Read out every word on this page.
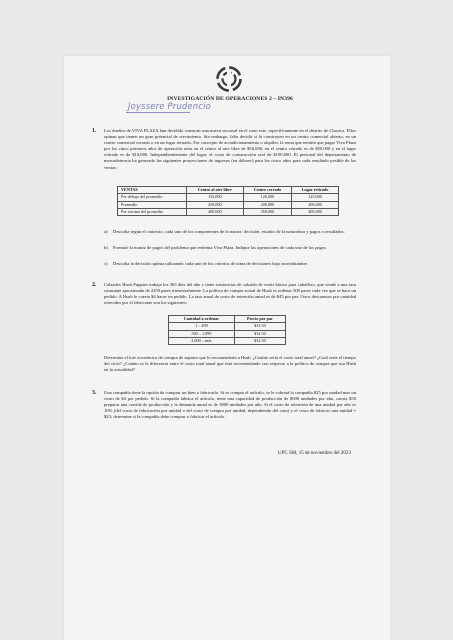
INVESTIGACIÓN DE OPERACIONES 2 – IN396
Joyssere Prudencio
1. Los dueños de VIVA PLAZA han decidido construir una nueva sucursal en el cono este, específicamente en el distrito de Chosica. Ellos opinan que tienen un gran potencial de crecimiento. Sin embargo, falta decidir si la construyen en un centro comercial abierto, en un centro comercial cerrado o en un lugar retirado. Por concepto de acondicionamiento o alquiler, la renta que tendría que pagar Viva Plaza por los cinco primeros años de operación seria en el centro al aire libre de $50,000, en el centro cerrado es de $50,000 y en el lugar retirado es de $10,000. Independientemente del lugar, el costo de construcción será de $100,000. El personal del departamento de mercadotecnia ha generado las siguientes proyecciones de ingresos (en dólares) para los cinco años para cada resultado posible de las ventas:
VENTAS	Centro al aire libre	Centro cerrado	Lugar retirado
Por debajo del promedio	135,000	120,000	125,000
Promedio	250,000	200,000	200,000
Por encima del promedio	400,000	350,000	400,000
a) Describa según el contexto, cada uno de los componentes de la matriz: decisión, estados de la naturaleza y pagos o resultados.
b) Formule la matriz de pagos del problema que enfrenta Viva Plaza. Indique las operaciones de cada uno de los pagos
c) Describa la decisión optima utilizando cada uno de los criterios de toma de decisiones bajo incertidumbre.
2. Calzados Hush Puppies trabaja los 365 días del año y tiene existencias de calzado de vestir básico para caballero, que vende a una tasa constante aproximada de 2250 pares trimestralmente. La política de compra actual de Hush es ordenar 500 pares cada vez que se hace un pedido. A Hush le cuesta $4 hacer un pedido. La tasa anual de costo de retención anual es de $45 por par. Otros descuentos por cantidad ofrecidos por el fabricante son los siguientes:
Cantidad a ordenar	Precio por par
1 – 499	$33.50
500 – 1,999	$34.50
2,000 – más	$32.50
Determine el lote económico de compra de zapatos que le recomendaría a Hush. ¿Cuánto sería el costo total anual? ¿Cuál sería el tiempo del ciclo? ¿Cuánto es la diferencia entre el costo total anual que está recomendando con respecto a la política de compra que usa Hush en la actualidad?
3. Una compañía tiene la opción de comprar un bien o fabricarlo. Si se compra el artículo, se le cobrará la compañía $25 por unidad mas un costo de $4 por pedido. Si la compañía fabrica el artículo, tiene una capacidad de producción de 8000 unidades por año, cuesta $50 preparar una corrida de producción y la demanda anual es de 3000 unidades por año. Si el costo de retención de una unidad por año es 10% (del costo de fabricación por unidad o del costo de compra por unidad, dependiendo del caso) y el costo de fabricar una unidad = $23; determine si la compañía debe comprar o fabricar el artículo.
UPC SM, 15 de noviembre del 2023
